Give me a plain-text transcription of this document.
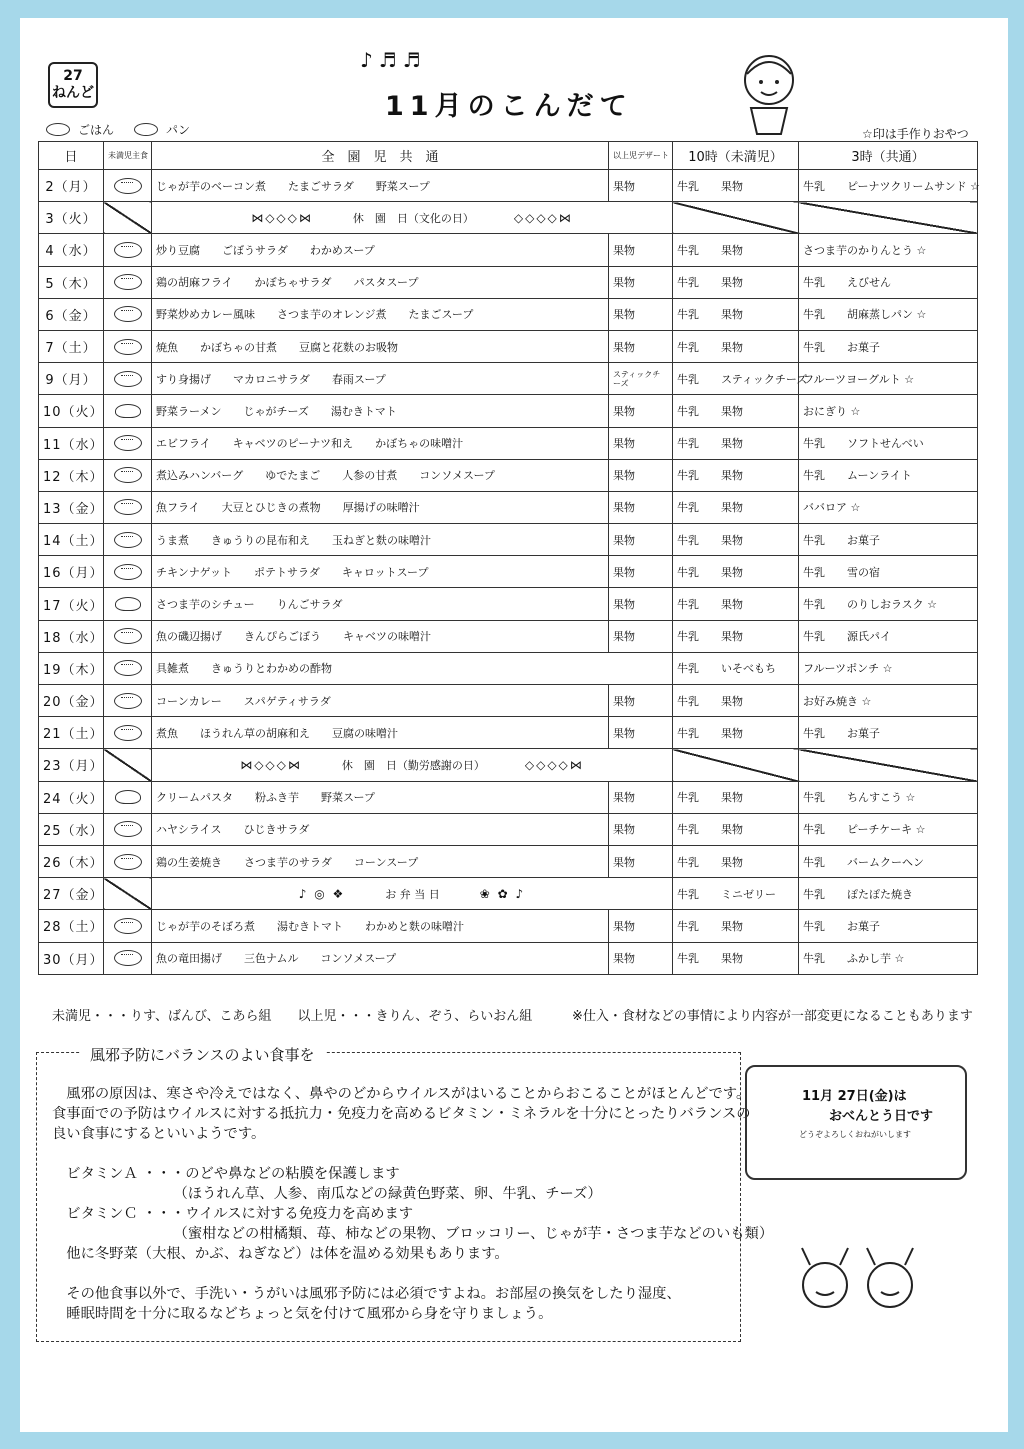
27
ねんど
ごはん	パン
♪♬♬
11月のこんだて
☆印は手作りおやつ
日	未満児主食	全　園　児　共　通	以上児デザート	10時（未満児）	3時（共通）
2（月）		じゃが芋のベーコン煮 たまごサラダ 野菜スープ	果物	牛乳 果物	牛乳 ピーナツクリームサンド ☆
3（火）		⋈◇◇◇⋈ 休　園　日（文化の日） ◇◇◇◇⋈			
4（水）		炒り豆腐 ごぼうサラダ わかめスープ	果物	牛乳 果物	さつま芋のかりんとう ☆
5（木）		鶏の胡麻フライ かぼちゃサラダ パスタスープ	果物	牛乳 果物	牛乳 えびせん
6（金）		野菜炒めカレー風味 さつま芋のオレンジ煮 たまごスープ	果物	牛乳 果物	牛乳 胡麻蒸しパン ☆
7（土）		焼魚 かぼちゃの甘煮 豆腐と花麩のお吸物	果物	牛乳 果物	牛乳 お菓子
9（月）		すり身揚げ マカロニサラダ 春雨スープ	スティックチーズ	牛乳 スティックチーズ	フルーツヨーグルト ☆
10（火）		野菜ラーメン じゃがチーズ 湯むきトマト	果物	牛乳 果物	おにぎり ☆
11（水）		エビフライ キャベツのピーナツ和え かぼちゃの味噌汁	果物	牛乳 果物	牛乳 ソフトせんべい
12（木）		煮込みハンバーグ ゆでたまご 人参の甘煮 コンソメスープ	果物	牛乳 果物	牛乳 ムーンライト
13（金）		魚フライ 大豆とひじきの煮物 厚揚げの味噌汁	果物	牛乳 果物	ババロア ☆
14（土）		うま煮 きゅうりの昆布和え 玉ねぎと麩の味噌汁	果物	牛乳 果物	牛乳 お菓子
16（月）		チキンナゲット ポテトサラダ キャロットスープ	果物	牛乳 果物	牛乳 雪の宿
17（火）		さつま芋のシチュー りんごサラダ	果物	牛乳 果物	牛乳 のりしおラスク ☆
18（水）		魚の磯辺揚げ きんぴらごぼう キャベツの味噌汁	果物	牛乳 果物	牛乳 源氏パイ
19（木）		具雑煮 きゅうりとわかめの酢物		牛乳 いそべもち	フルーツポンチ ☆
20（金）		コーンカレー スパゲティサラダ	果物	牛乳 果物	お好み焼き ☆
21（土）		煮魚 ほうれん草の胡麻和え 豆腐の味噌汁	果物	牛乳 果物	牛乳 お菓子
23（月）		⋈◇◇◇⋈ 休　園　日（勤労感謝の日） ◇◇◇◇⋈			
24（火）		クリームパスタ 粉ふき芋 野菜スープ	果物	牛乳 果物	牛乳 ちんすこう ☆
25（水）		ハヤシライス ひじきサラダ	果物	牛乳 果物	牛乳 ピーチケーキ ☆
26（木）		鶏の生姜焼き さつま芋のサラダ コーンスープ	果物	牛乳 果物	牛乳 バームクーヘン
27（金）		♪ ◎ ❖ お 弁 当 日 ❀ ✿ ♪		牛乳 ミニゼリー	牛乳 ぽたぽた焼き
28（土）		じゃが芋のそぼろ煮 湯むきトマト わかめと麩の味噌汁	果物	牛乳 果物	牛乳 お菓子
30（月）		魚の竜田揚げ 三色ナムル コンソメスープ	果物	牛乳 果物	牛乳 ふかし芋 ☆
未満児・・・りす、ばんび、こあら組　　以上児・・・きりん、ぞう、らいおん組	※仕入・食材などの事情により内容が一部変更になることもあります
風邪予防にバランスのよい食事を
　風邪の原因は、寒さや冷えではなく、鼻やのどからウイルスがはいることからおこることがほとんどです。
食事面での予防はウイルスに対する抵抗力・免疫力を高めるビタミン・ミネラルを十分にとったりバランスの
良い食事にするといいようです。

　ビタミンＡ ・・・のどや鼻などの粘膜を保護します
　　　　　　　　　（ほうれん草、人参、南瓜などの緑黄色野菜、卵、牛乳、チーズ）
　ビタミンＣ ・・・ウイルスに対する免疫力を高めます
　　　　　　　　　（蜜柑などの柑橘類、苺、柿などの果物、ブロッコリー、じゃが芋・さつま芋などのいも類）
　他に冬野菜（大根、かぶ、ねぎなど）は体を温める効果もあります。

　その他食事以外で、手洗い・うがいは風邪予防には必須ですよね。お部屋の換気をしたり湿度、
　睡眠時間を十分に取るなどちょっと気を付けて風邪から身を守りましょう。
11月 27日(金)は
おべんとう日です
どうぞよろしくおねがいします
